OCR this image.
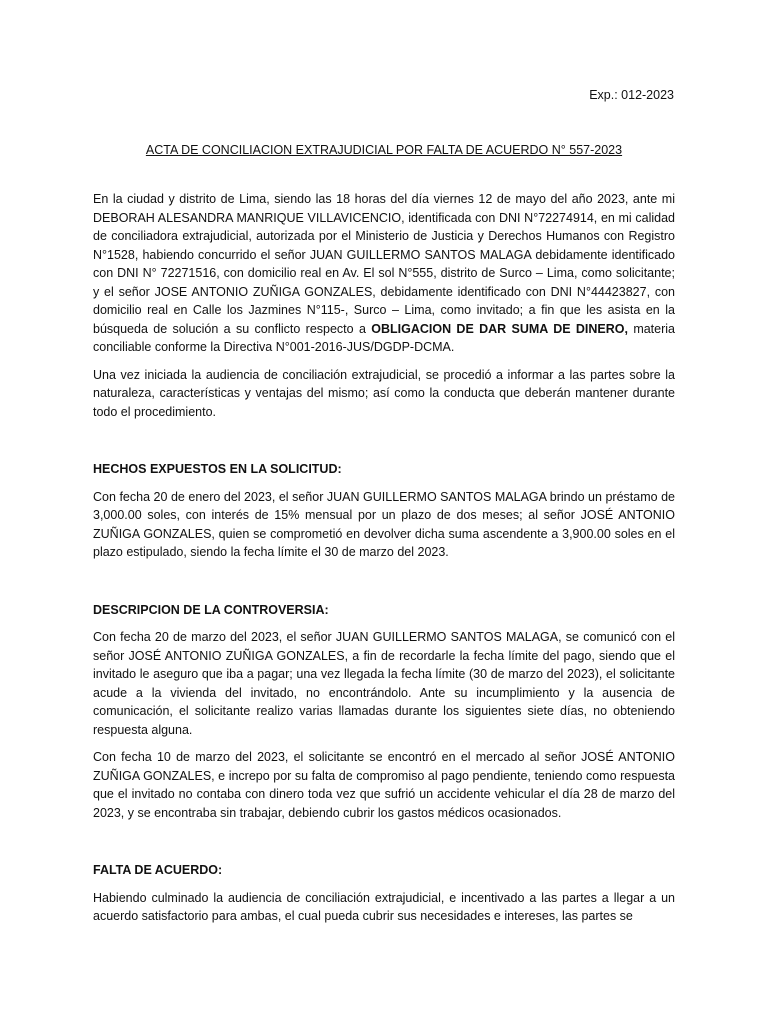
Exp.: 012-2023
ACTA DE CONCILIACION EXTRAJUDICIAL POR FALTA DE ACUERDO N° 557-2023

En la ciudad y distrito de Lima, siendo las 18 horas del día viernes 12 de mayo del año 2023, ante mi DEBORAH ALESANDRA MANRIQUE VILLAVICENCIO, identificada con DNI N°72274914, en mi calidad de conciliadora extrajudicial, autorizada por el Ministerio de Justicia y Derechos Humanos con Registro N°1528, habiendo concurrido el señor JUAN GUILLERMO SANTOS MALAGA debidamente identificado con DNI N° 72271516, con domicilio real en Av. El sol N°555, distrito de Surco – Lima, como solicitante; y el señor JOSE ANTONIO ZUÑIGA GONZALES, debidamente identificado con DNI N°44423827, con domicilio real en Calle los Jazmines N°115-, Surco – Lima, como invitado; a fin que les asista en la búsqueda de solución a su conflicto respecto a OBLIGACION DE DAR SUMA DE DINERO, materia conciliable conforme la Directiva N°001-2016-JUS/DGDP-DCMA.

Una vez iniciada la audiencia de conciliación extrajudicial, se procedió a informar a las partes sobre la naturaleza, características y ventajas del mismo; así como la conducta que deberán mantener durante todo el procedimiento.

HECHOS EXPUESTOS EN LA SOLICITUD:

Con fecha 20 de enero del 2023, el señor JUAN GUILLERMO SANTOS MALAGA brindo un préstamo de 3,000.00 soles, con interés de 15% mensual por un plazo de dos meses; al señor JOSÉ ANTONIO ZUÑIGA GONZALES, quien se comprometió en devolver dicha suma ascendente a 3,900.00 soles en el plazo estipulado, siendo la fecha límite el 30 de marzo del 2023.

DESCRIPCION DE LA CONTROVERSIA:

Con fecha 20 de marzo del 2023, el señor JUAN GUILLERMO SANTOS MALAGA, se comunicó con el señor JOSÉ ANTONIO ZUÑIGA GONZALES, a fin de recordarle la fecha límite del pago, siendo que el invitado le aseguro que iba a pagar; una vez llegada la fecha límite (30 de marzo del 2023), el solicitante acude a la vivienda del invitado, no encontrándolo. Ante su incumplimiento y la ausencia de comunicación, el solicitante realizo varias llamadas durante los siguientes siete días, no obteniendo respuesta alguna.

Con fecha 10 de marzo del 2023, el solicitante se encontró en el mercado al señor JOSÉ ANTONIO ZUÑIGA GONZALES, e increpo por su falta de compromiso al pago pendiente, teniendo como respuesta que el invitado no contaba con dinero toda vez que sufrió un accidente vehicular el día 28 de marzo del 2023, y se encontraba sin trabajar, debiendo cubrir los gastos médicos ocasionados.

FALTA DE ACUERDO:

Habiendo culminado la audiencia de conciliación extrajudicial, e incentivado a las partes a llegar a un acuerdo satisfactorio para ambas, el cual pueda cubrir sus necesidades e intereses, las partes se
